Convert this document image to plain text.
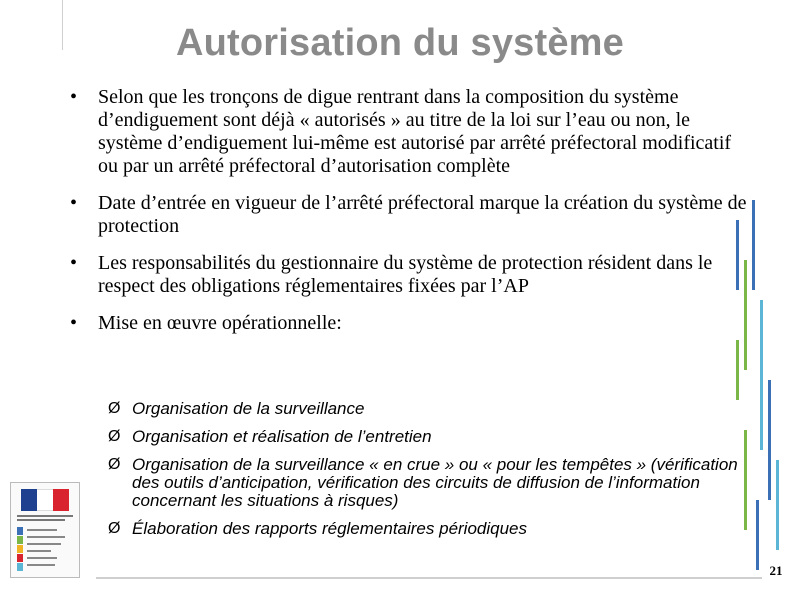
Autorisation du système
• Selon que les tronçons de digue rentrant dans la composition du système d’endiguement sont déjà « autorisés » au titre de la loi sur l’eau ou non, le système d’endiguement lui-même est autorisé par arrêté préfectoral modificatif ou par un arrêté préfectoral d’autorisation complète
• Date d’entrée en vigueur de l’arrêté préfectoral marque la création du système de protection
• Les responsabilités du gestionnaire du système de protection résident dans le respect des obligations réglementaires fixées par l’AP
• Mise en œuvre opérationnelle:
Ø Organisation de la surveillance
Ø Organisation et réalisation de l’entretien
Ø Organisation de la surveillance « en crue » ou « pour les tempêtes » (vérification des outils d’anticipation, vérification des circuits de diffusion de l’information concernant les situations à risques)
Ø Élaboration des rapports réglementaires périodiques
21
